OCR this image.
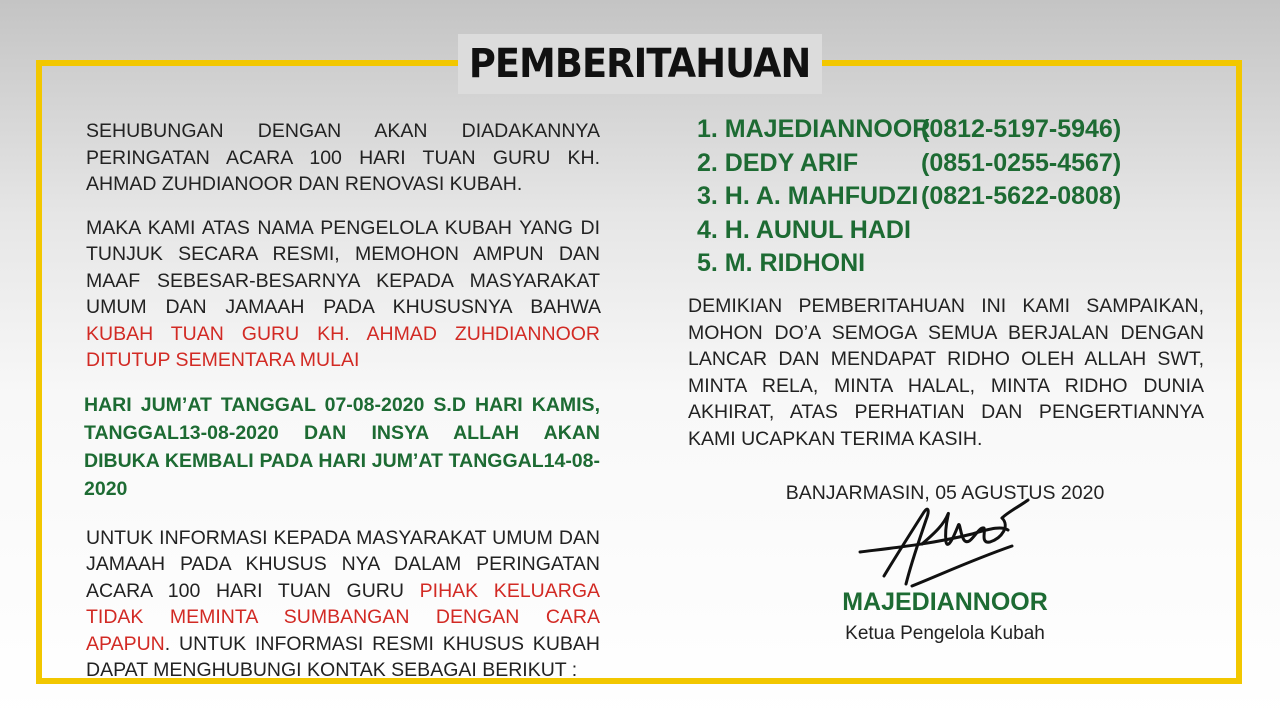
PEMBERITAHUAN

SEHUBUNGAN DENGAN AKAN DIADAKANNYA PERINGATAN ACARA 100 HARI TUAN GURU KH. AHMAD ZUHDIANOOR DAN RENOVASI KUBAH.

MAKA KAMI ATAS NAMA PENGELOLA KUBAH YANG DI TUNJUK SECARA RESMI, MEMOHON AMPUN DAN MAAF SEBESAR-BESARNYA KEPADA MASYARAKAT UMUM DAN JAMAAH PADA KHUSUSNYA BAHWA KUBAH TUAN GURU KH. AHMAD ZUHDIANNOOR DITUTUP SEMENTARA MULAI

HARI JUM’AT TANGGAL 07-08-2020 S.D HARI KAMIS, TANGGAL13-08-2020 DAN INSYA ALLAH AKAN DIBUKA KEMBALI PADA HARI JUM’AT TANGGAL14-08-2020

UNTUK INFORMASI KEPADA MASYARAKAT UMUM DAN JAMAAH PADA KHUSUS NYA DALAM PERINGATAN ACARA 100 HARI TUAN GURU PIHAK KELUARGA TIDAK MEMINTA SUMBANGAN DENGAN CARA APAPUN. UNTUK INFORMASI RESMI KHUSUS KUBAH DAPAT MENGHUBUNGI KONTAK SEBAGAI BERIKUT :

1. MAJEDIANNOOR
(0812-5197-5946)
2. DEDY ARIF	(0851-0255-4567)
3. H. A. MAHFUDZI (0821-5622-0808)
4. H. AUNUL HADI
5. M. RIDHONI

DEMIKIAN PEMBERITAHUAN INI KAMI SAMPAIKAN, MOHON DO’A SEMOGA SEMUA BERJALAN DENGAN LANCAR DAN MENDAPAT RIDHO OLEH ALLAH SWT, MINTA RELA, MINTA HALAL, MINTA RIDHO DUNIA AKHIRAT, ATAS PERHATIAN DAN PENGERTIANNYA KAMI UCAPKAN TERIMA KASIH.

BANJARMASIN, 05 AGUSTUS 2020
MAJEDIANNOOR
Ketua Pengelola Kubah
